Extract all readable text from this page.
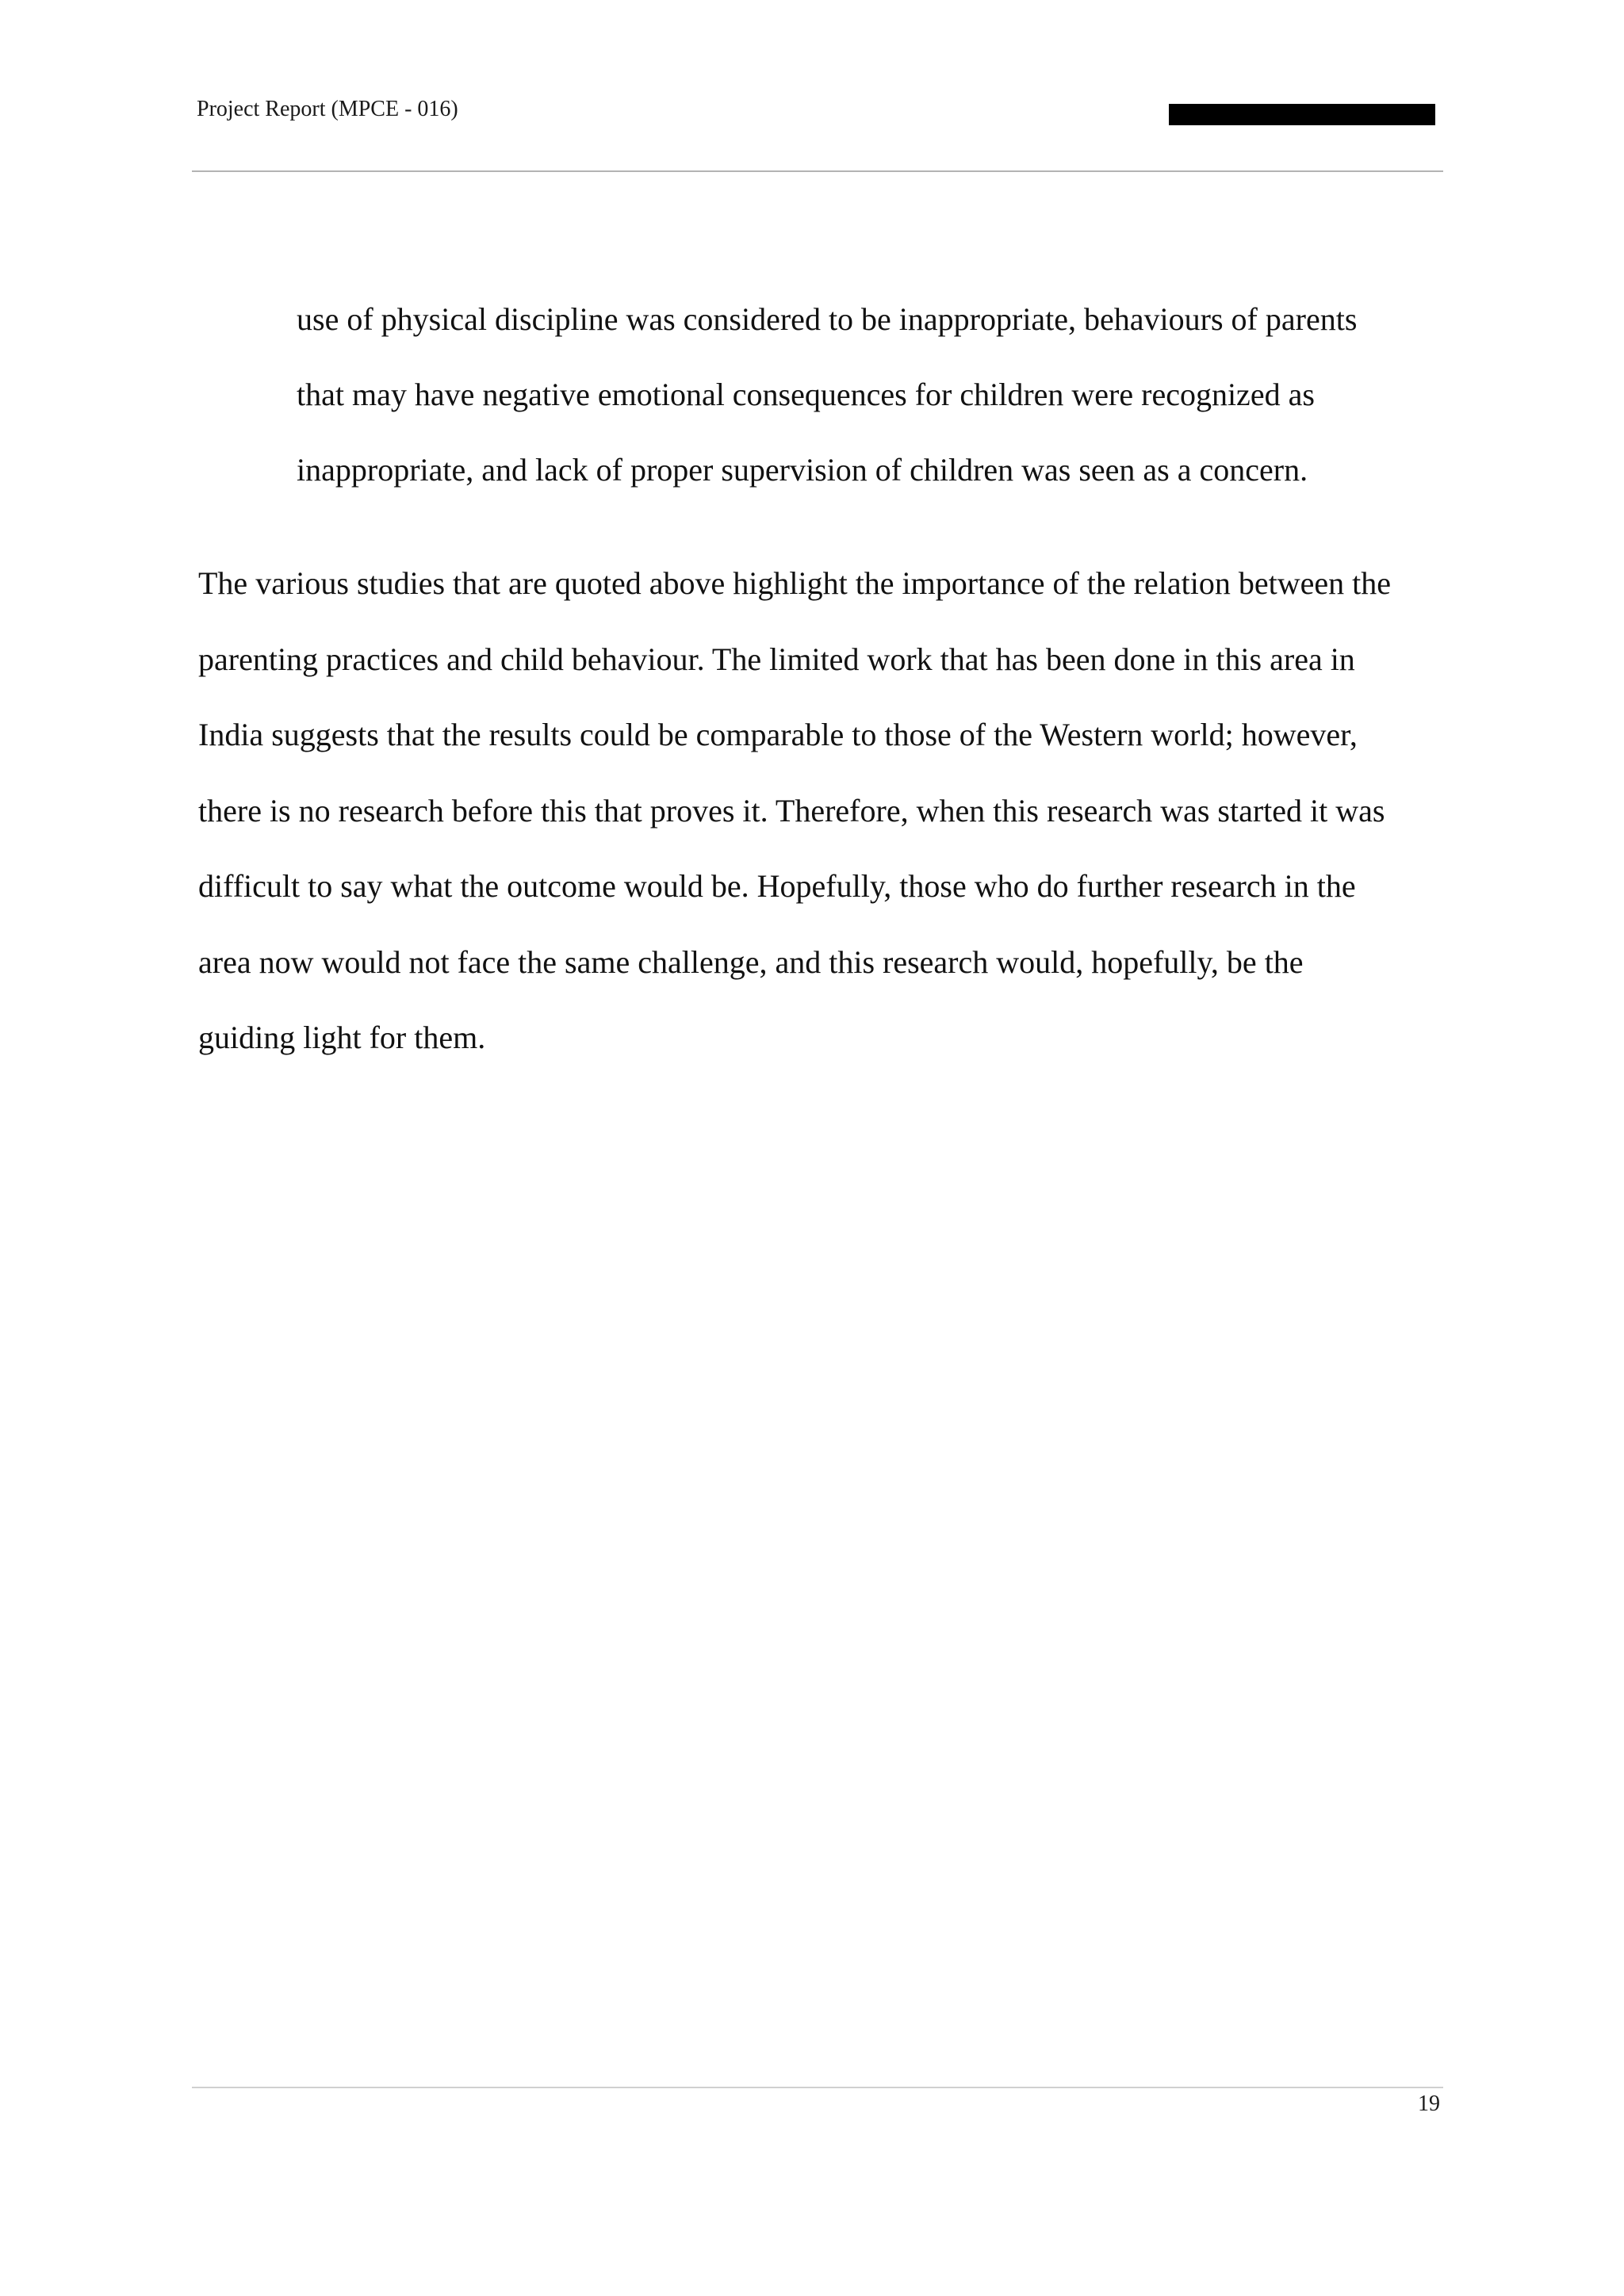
Project Report (MPCE - 016)
use of physical discipline was considered to be inappropriate, behaviours of parents
that may have negative emotional consequences for children were recognized as
inappropriate, and lack of proper supervision of children was seen as a concern.
The various studies that are quoted above highlight the importance of the relation between the
parenting practices and child behaviour. The limited work that has been done in this area in
India suggests that the results could be comparable to those of the Western world; however,
there is no research before this that proves it. Therefore, when this research was started it was
difficult to say what the outcome would be. Hopefully, those who do further research in the
area now would not face the same challenge, and this research would, hopefully, be the
guiding light for them.
19
